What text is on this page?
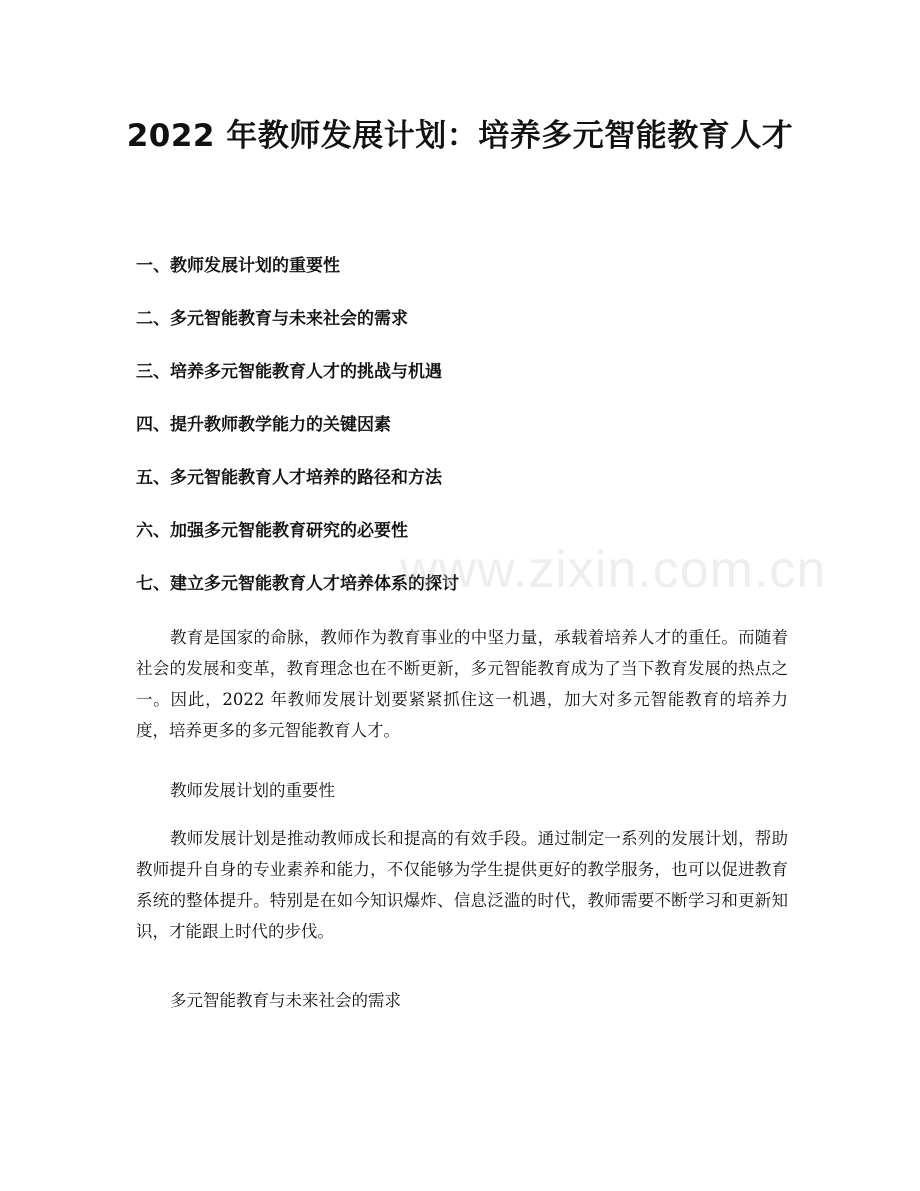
2022 年教师发展计划：培养多元智能教育人才
一、教师发展计划的重要性
二、多元智能教育与未来社会的需求
三、培养多元智能教育人才的挑战与机遇
四、提升教师教学能力的关键因素
五、多元智能教育人才培养的路径和方法
六、加强多元智能教育研究的必要性
七、建立多元智能教育人才培养体系的探讨

教育是国家的命脉，教师作为教育事业的中坚力量，承载着培养人才的重任。而随着社会的发展和变革，教育理念也在不断更新，多元智能教育成为了当下教育发展的热点之一。因此，2022 年教师发展计划要紧紧抓住这一机遇，加大对多元智能教育的培养力度，培养更多的多元智能教育人才。

教师发展计划的重要性

教师发展计划是推动教师成长和提高的有效手段。通过制定一系列的发展计划，帮助教师提升自身的专业素养和能力，不仅能够为学生提供更好的教学服务，也可以促进教育系统的整体提升。特别是在如今知识爆炸、信息泛滥的时代，教师需要不断学习和更新知识，才能跟上时代的步伐。

多元智能教育与未来社会的需求

www.zixin.com.cn
